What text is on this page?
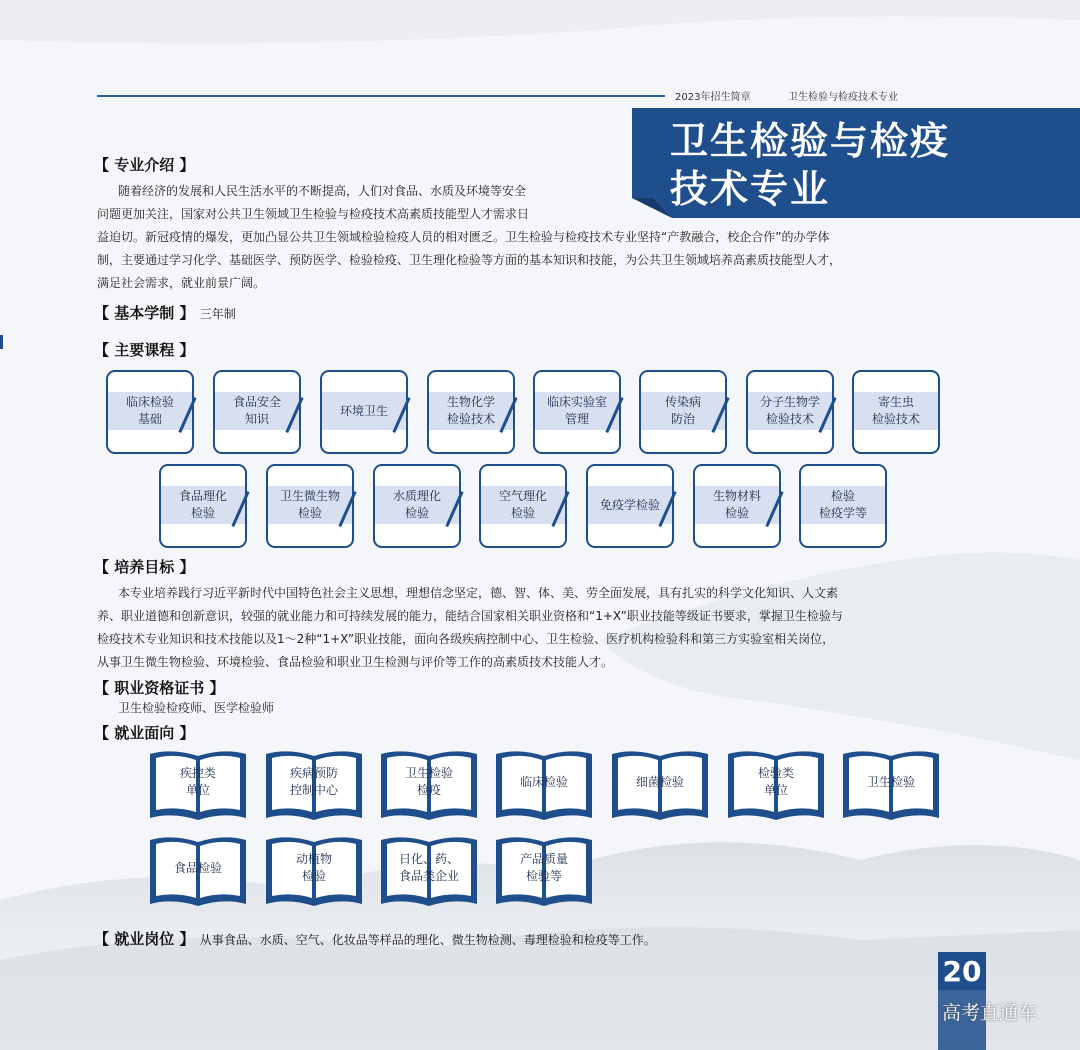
2023年招生简章	卫生检验与检疫技术专业
卫生检验与检疫
技术专业
【 专业介绍 】
随着经济的发展和人民生活水平的不断提高，人们对食品、水质及环境等安全
问题更加关注，国家对公共卫生领域卫生检验与检疫技术高素质技能型人才需求日
益迫切。新冠疫情的爆发，更加凸显公共卫生领域检验检疫人员的相对匮乏。卫生检验与检疫技术专业坚持“产教融合，校企合作”的办学体
制，主要通过学习化学、基础医学、预防医学、检验检疫、卫生理化检验等方面的基本知识和技能，为公共卫生领域培养高素质技能型人才，
满足社会需求，就业前景广阔。
【 基本学制 】 三年制
【 主要课程 】
临床检验
基础
食品安全
知识
环境卫生
生物化学
检验技术
临床实验室
管理
传染病
防治
分子生物学
检验技术
寄生虫
检验技术
食品理化
检验
卫生微生物
检验
水质理化
检验
空气理化
检验
免疫学检验
生物材料
检验
检验
检疫学等
【 培养目标 】
本专业培养践行习近平新时代中国特色社会主义思想，理想信念坚定，德、智、体、美、劳全面发展，具有扎实的科学文化知识、人文素
养、职业道德和创新意识，较强的就业能力和可持续发展的能力，能结合国家相关职业资格和“1+X”职业技能等级证书要求，掌握卫生检验与
检疫技术专业知识和技术技能以及1～2种“1+X”职业技能，面向各级疾病控制中心、卫生检验、医疗机构检验科和第三方实验室相关岗位，
从事卫生微生物检验、环境检验、食品检验和职业卫生检测与评价等工作的高素质技术技能人才。
【 职业资格证书 】
卫生检验检疫师、医学检验师
【 就业面向 】
疾控类
单位
疾病预防
控制中心
卫生检验
检疫
临床检验	细菌检验
检验类
单位
卫生检验
食品检验
动植物
检验
日化、药、
食品类企业
产品质量
检验等
【 就业岗位 】 从事食品、水质、空气、化妆品等样品的理化、微生物检测、毒理检验和检疫等工作。
20
高考直通车
